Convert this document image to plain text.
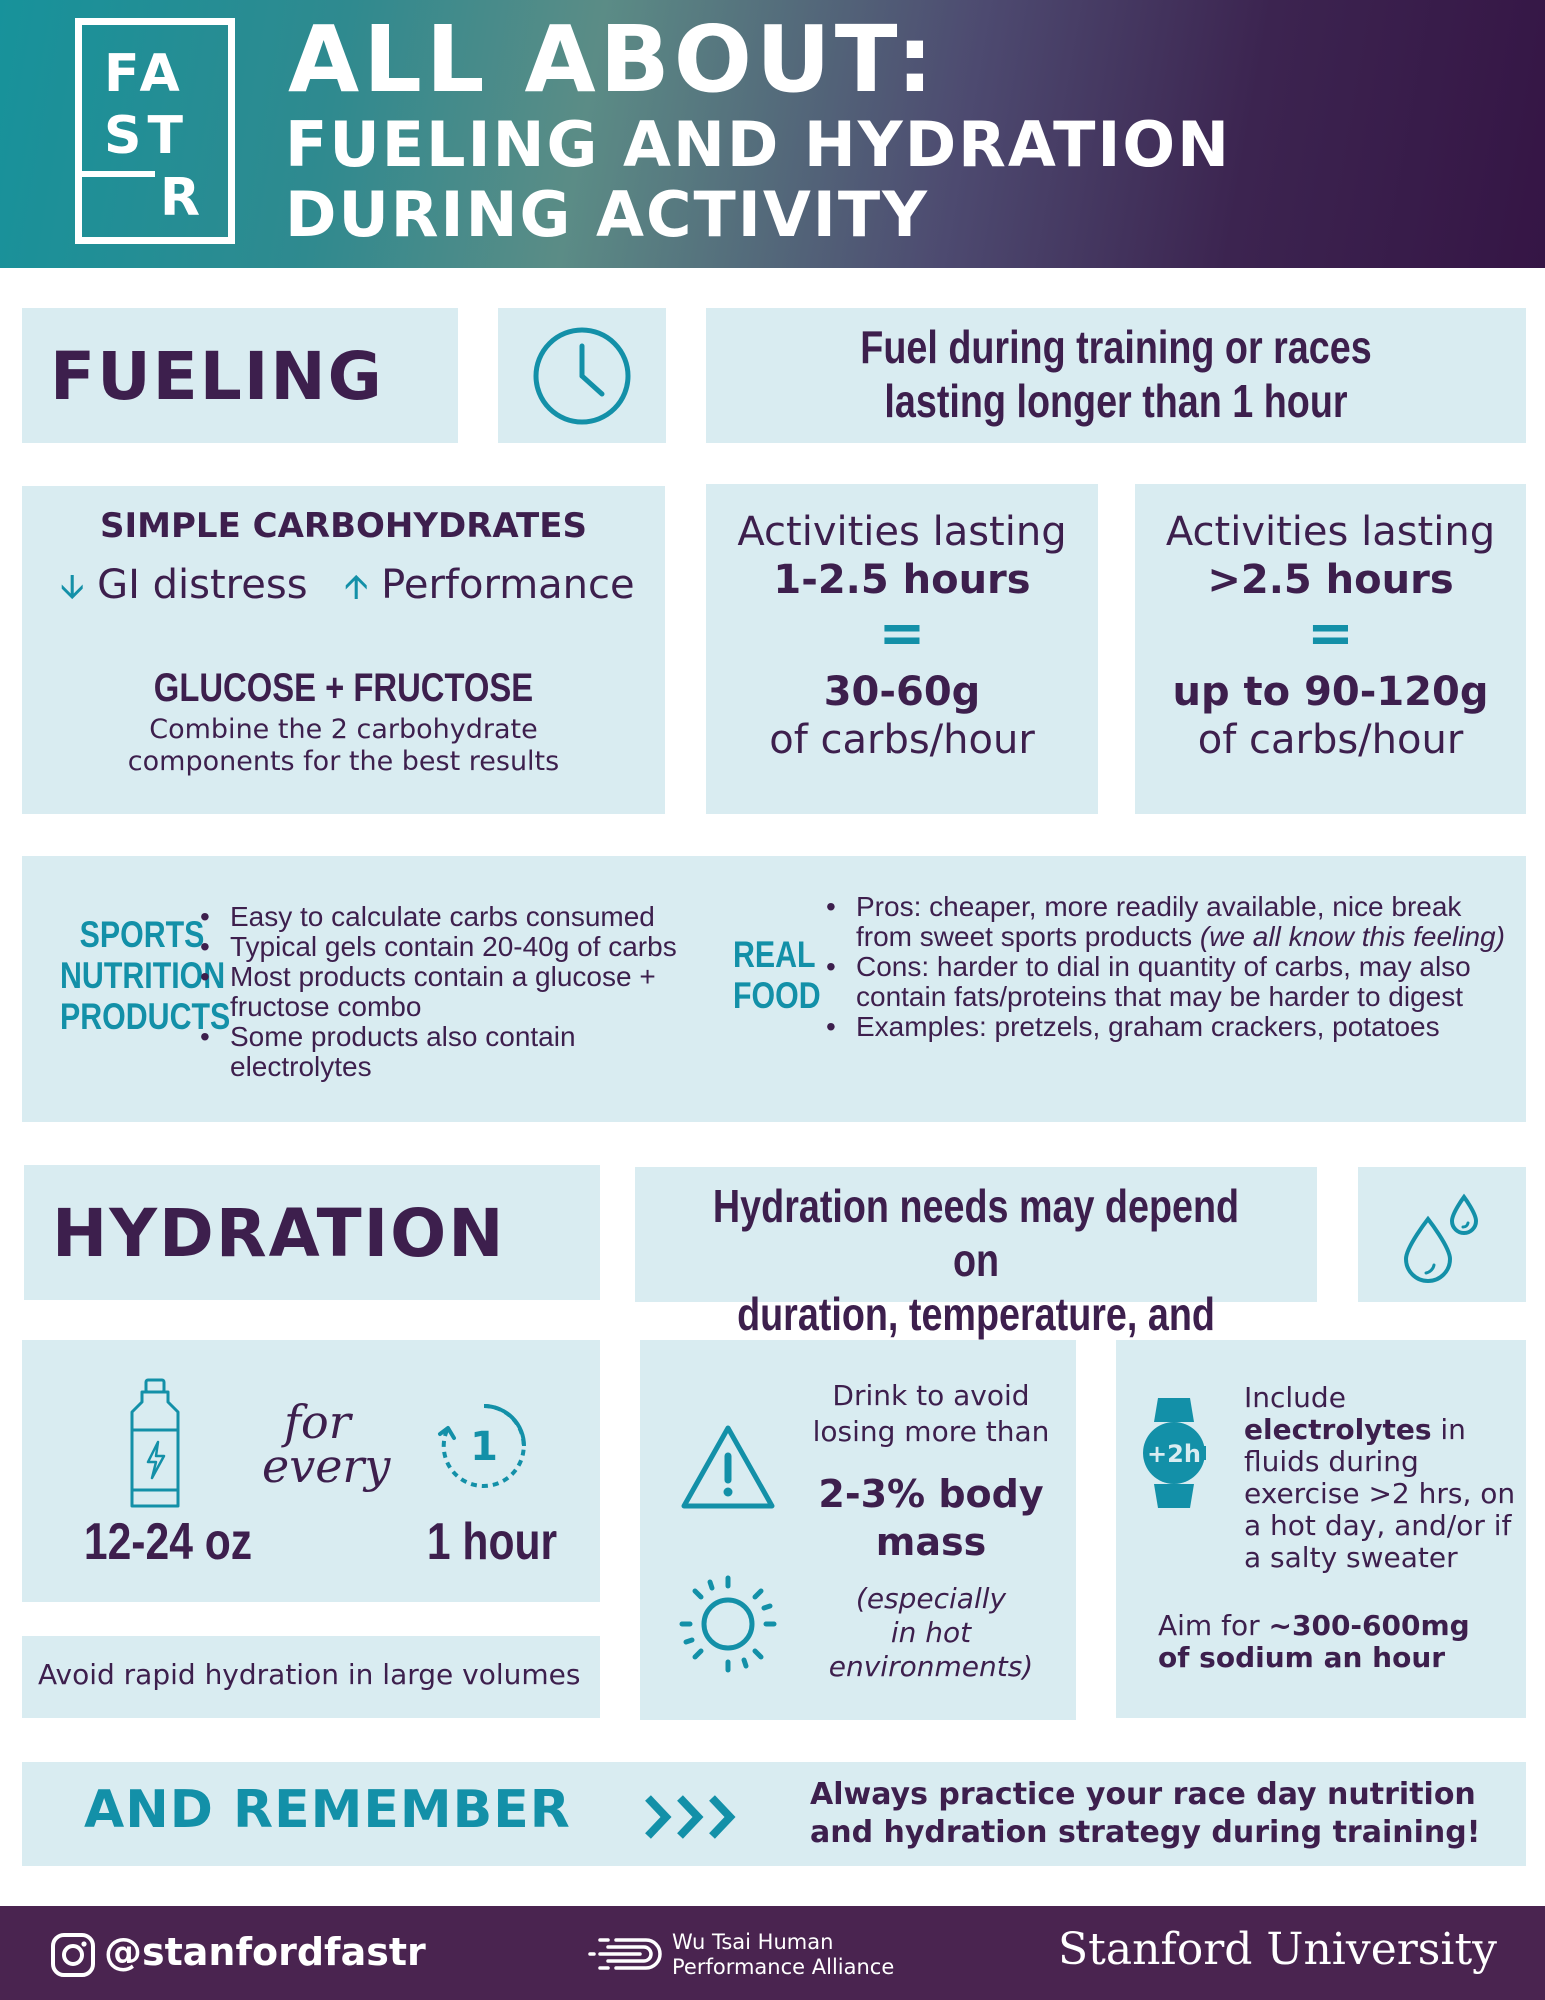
FA
ST
R
ALL ABOUT:
FUELING AND HYDRATION
DURING ACTIVITY
FUELING	Fuel during training or races
lasting longer than 1 hour
SIMPLE CARBOHYDRATES
🡫 GI distress 🡩 Performance
GLUCOSE + FRUCTOSE
Combine the 2 carbohydrate
components for the best results
Activities lasting
1-2.5 hours
=
30-60g
of carbs/hour
Activities lasting
>2.5 hours
=
up to 90-120g
of carbs/hour
SPORTS
NUTRITION
PRODUCTS
• Easy to calculate carbs consumed
• Typical gels contain 20-40g of carbs
• Most products contain a glucose + fructose combo
• Some products also contain electrolytes
REAL
FOOD
• Pros: cheaper, more readily available, nice break from sweet sports products (we all know this feeling)
• Cons: harder to dial in quantity of carbs, may also contain fats/proteins that may be harder to digest
• Examples: pretzels, graham crackers, potatoes
HYDRATION	Hydration needs may depend on
duration, temperature, and
for
every 1
12-24 oz	1 hour
Avoid rapid hydration in large volumes
Drink to avoid
losing more than
2-3% body
mass
(especially
in hot
environments)
+2h
Include
electrolytes in
fluids during
exercise >2 hrs, on
a hot day, and/or if
a salty sweater
Aim for ~300-600mg
of sodium an hour
AND REMEMBER	Always practice your race day nutrition
and hydration strategy during training!
@stanfordfastr	Wu Tsai Human
Performance Alliance	Stanford University
